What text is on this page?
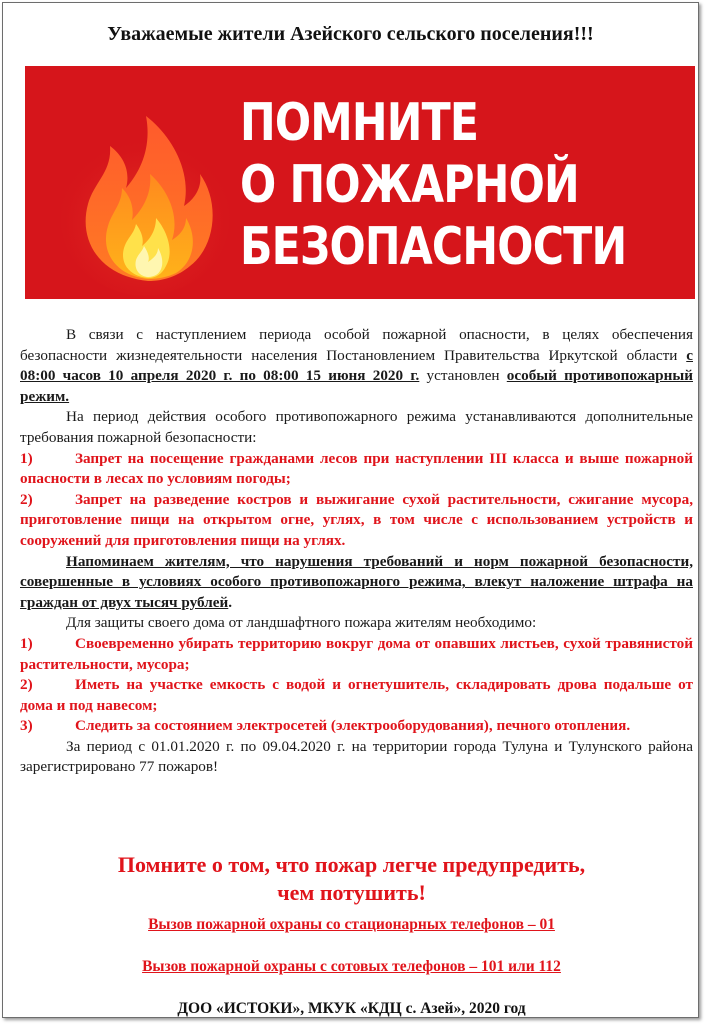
Уважаемые жители Азейского сельского поселения!!!
ПОМНИТЕ
О ПОЖАРНОЙ
БЕЗОПАСНОСТИ

В связи с наступлением периода особой пожарной опасности, в целях обеспечения безопасности жизнедеятельности населения Постановлением Правительства Иркутской области с 08:00 часов 10 апреля 2020 г. по 08:00 15 июня 2020 г. установлен особый противопожарный режим.

На период действия особого противопожарного режима устанавливаются дополнительные требования пожарной безопасности:

1)	Запрет на посещение гражданами лесов при наступлении III класса и выше пожарной опасности в лесах по условиям погоды;

2)	Запрет на разведение костров и выжигание сухой растительности, сжигание мусора, приготовление пищи на открытом огне, углях, в том числе с использованием устройств и сооружений для приготовления пищи на углях.

Напоминаем жителям, что нарушения требований и норм пожарной безопасности, совершенные в условиях особого противопожарного режима, влекут наложение штрафа на граждан от двух тысяч рублей.

Для защиты своего дома от ландшафтного пожара жителям необходимо:

1)	Своевременно убирать территорию вокруг дома от опавших листьев, сухой травянистой растительности, мусора;

2)	Иметь на участке емкость с водой и огнетушитель, складировать дрова подальше от дома и под навесом;

3)	Следить за состоянием электросетей (электрооборудования), печного отопления.

За период с 01.01.2020 г. по 09.04.2020 г. на территории города Тулуна и Тулунского района зарегистрировано 77 пожаров!

Помните о том, что пожар легче предупредить,
чем потушить!
Вызов пожарной охраны со стационарных телефонов – 01
Вызов пожарной охраны с сотовых телефонов – 101 или 112
ДОО «ИСТОКИ», МКУК «КДЦ с. Азей», 2020 год
